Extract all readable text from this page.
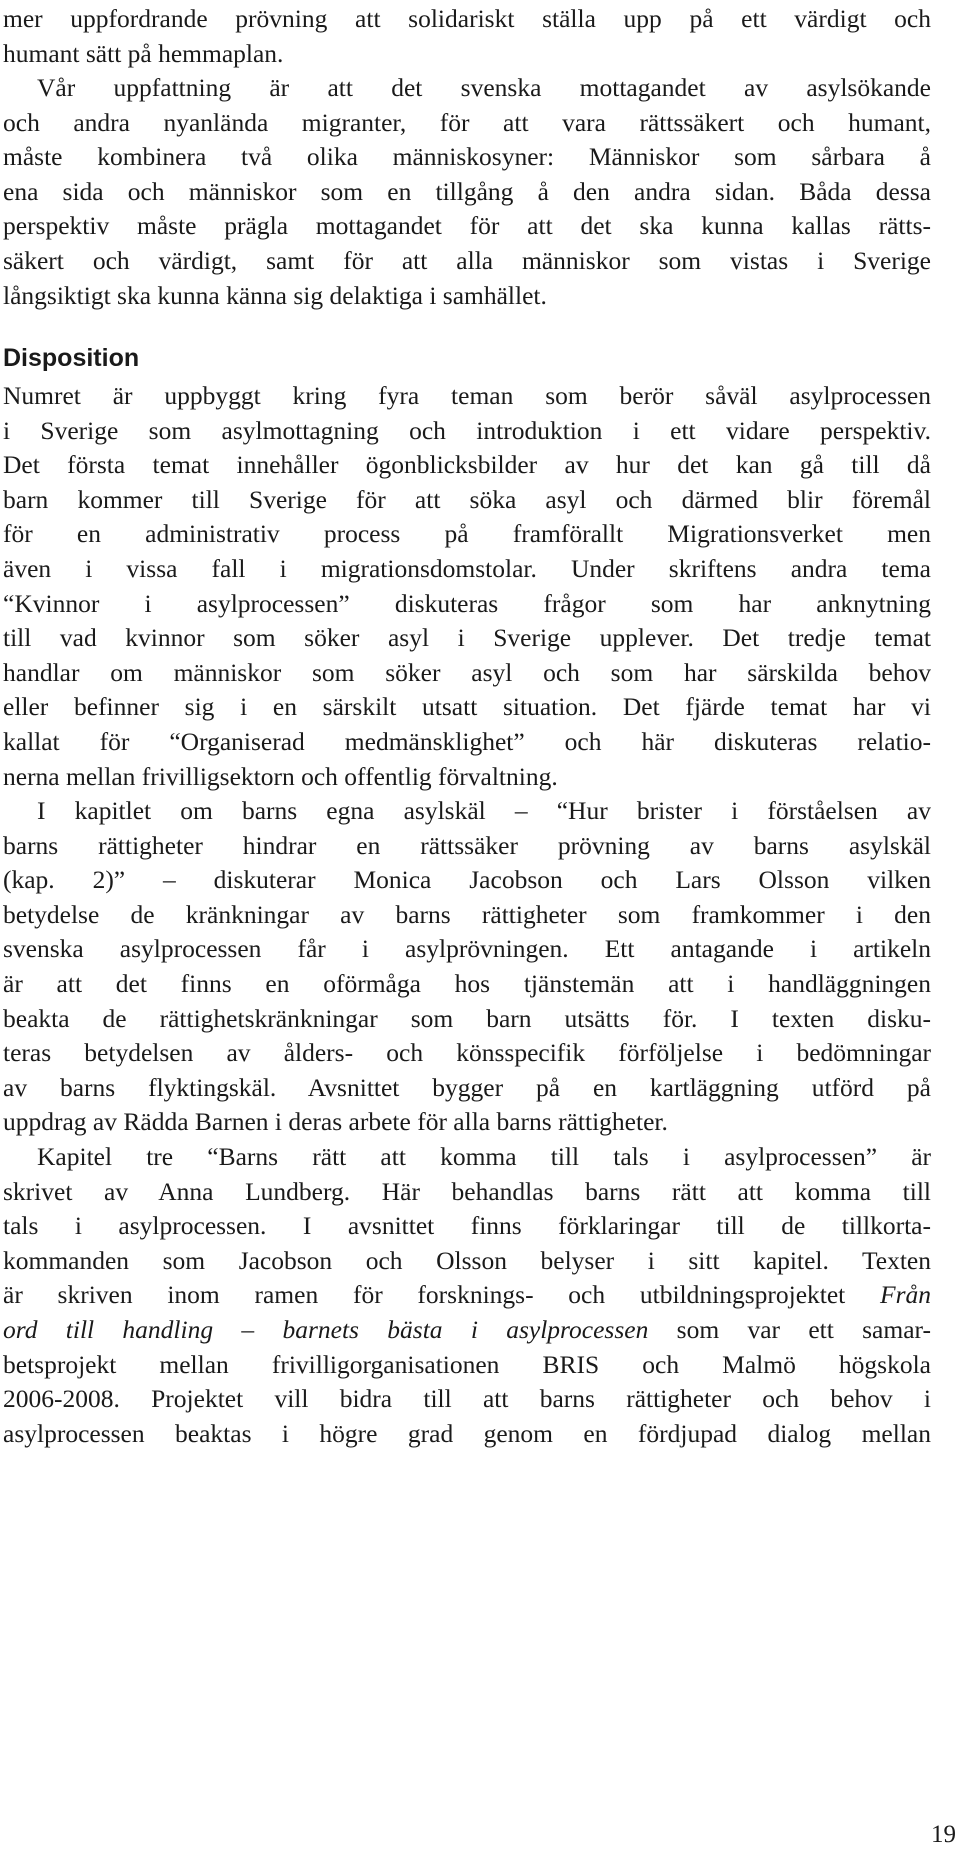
mer uppfordrande prövning att solidariskt ställa upp på ett värdigt och
humant sätt på hemmaplan.
Vår uppfattning är att det svenska mottagandet av asylsökande
och andra nyanlända migranter, för att vara rättssäkert och humant,
måste kombinera två olika människosyner: Människor som sårbara å
ena sida och människor som en tillgång å den andra sidan. Båda dessa
perspektiv måste prägla mottagandet för att det ska kunna kallas rätts-
säkert och värdigt, samt för att alla människor som vistas i Sverige
långsiktigt ska kunna känna sig delaktiga i samhället.
Disposition
Numret är uppbyggt kring fyra teman som berör såväl asylprocessen
i Sverige som asylmottagning och introduktion i ett vidare perspektiv.
Det första temat innehåller ögonblicksbilder av hur det kan gå till då
barn kommer till Sverige för att söka asyl och därmed blir föremål
för en administrativ process på framförallt Migrationsverket men
även i vissa fall i migrationsdomstolar. Under skriftens andra tema
“Kvinnor i asylprocessen” diskuteras frågor som har anknytning
till vad kvinnor som söker asyl i Sverige upplever. Det tredje temat
handlar om människor som söker asyl och som har särskilda behov
eller befinner sig i en särskilt utsatt situation. Det fjärde temat har vi
kallat för “Organiserad medmänsklighet” och här diskuteras relatio-
nerna mellan frivilligsektorn och offentlig förvaltning.
I kapitlet om barns egna asylskäl – “Hur brister i förståelsen av
barns rättigheter hindrar en rättssäker prövning av barns asylskäl
(kap. 2)” – diskuterar Monica Jacobson och Lars Olsson vilken
betydelse de kränkningar av barns rättigheter som framkommer i den
svenska asylprocessen får i asylprövningen. Ett antagande i artikeln
är att det finns en oförmåga hos tjänstemän att i handläggningen
beakta de rättighetskränkningar som barn utsätts för. I texten disku-
teras betydelsen av ålders- och könsspecifik förföljelse i bedömningar
av barns flyktingskäl. Avsnittet bygger på en kartläggning utförd på
uppdrag av Rädda Barnen i deras arbete för alla barns rättigheter.
Kapitel tre “Barns rätt att komma till tals i asylprocessen” är
skrivet av Anna Lundberg. Här behandlas barns rätt att komma till
tals i asylprocessen. I avsnittet finns förklaringar till de tillkorta-
kommanden som Jacobson och Olsson belyser i sitt kapitel. Texten
är skriven inom ramen för forsknings- och utbildningsprojektet Från
ord till handling – barnets bästa i asylprocessen som var ett samar-
betsprojekt mellan frivilligorganisationen BRIS och Malmö högskola
2006-2008. Projektet vill bidra till att barns rättigheter och behov i
asylprocessen beaktas i högre grad genom en fördjupad dialog mellan
19
